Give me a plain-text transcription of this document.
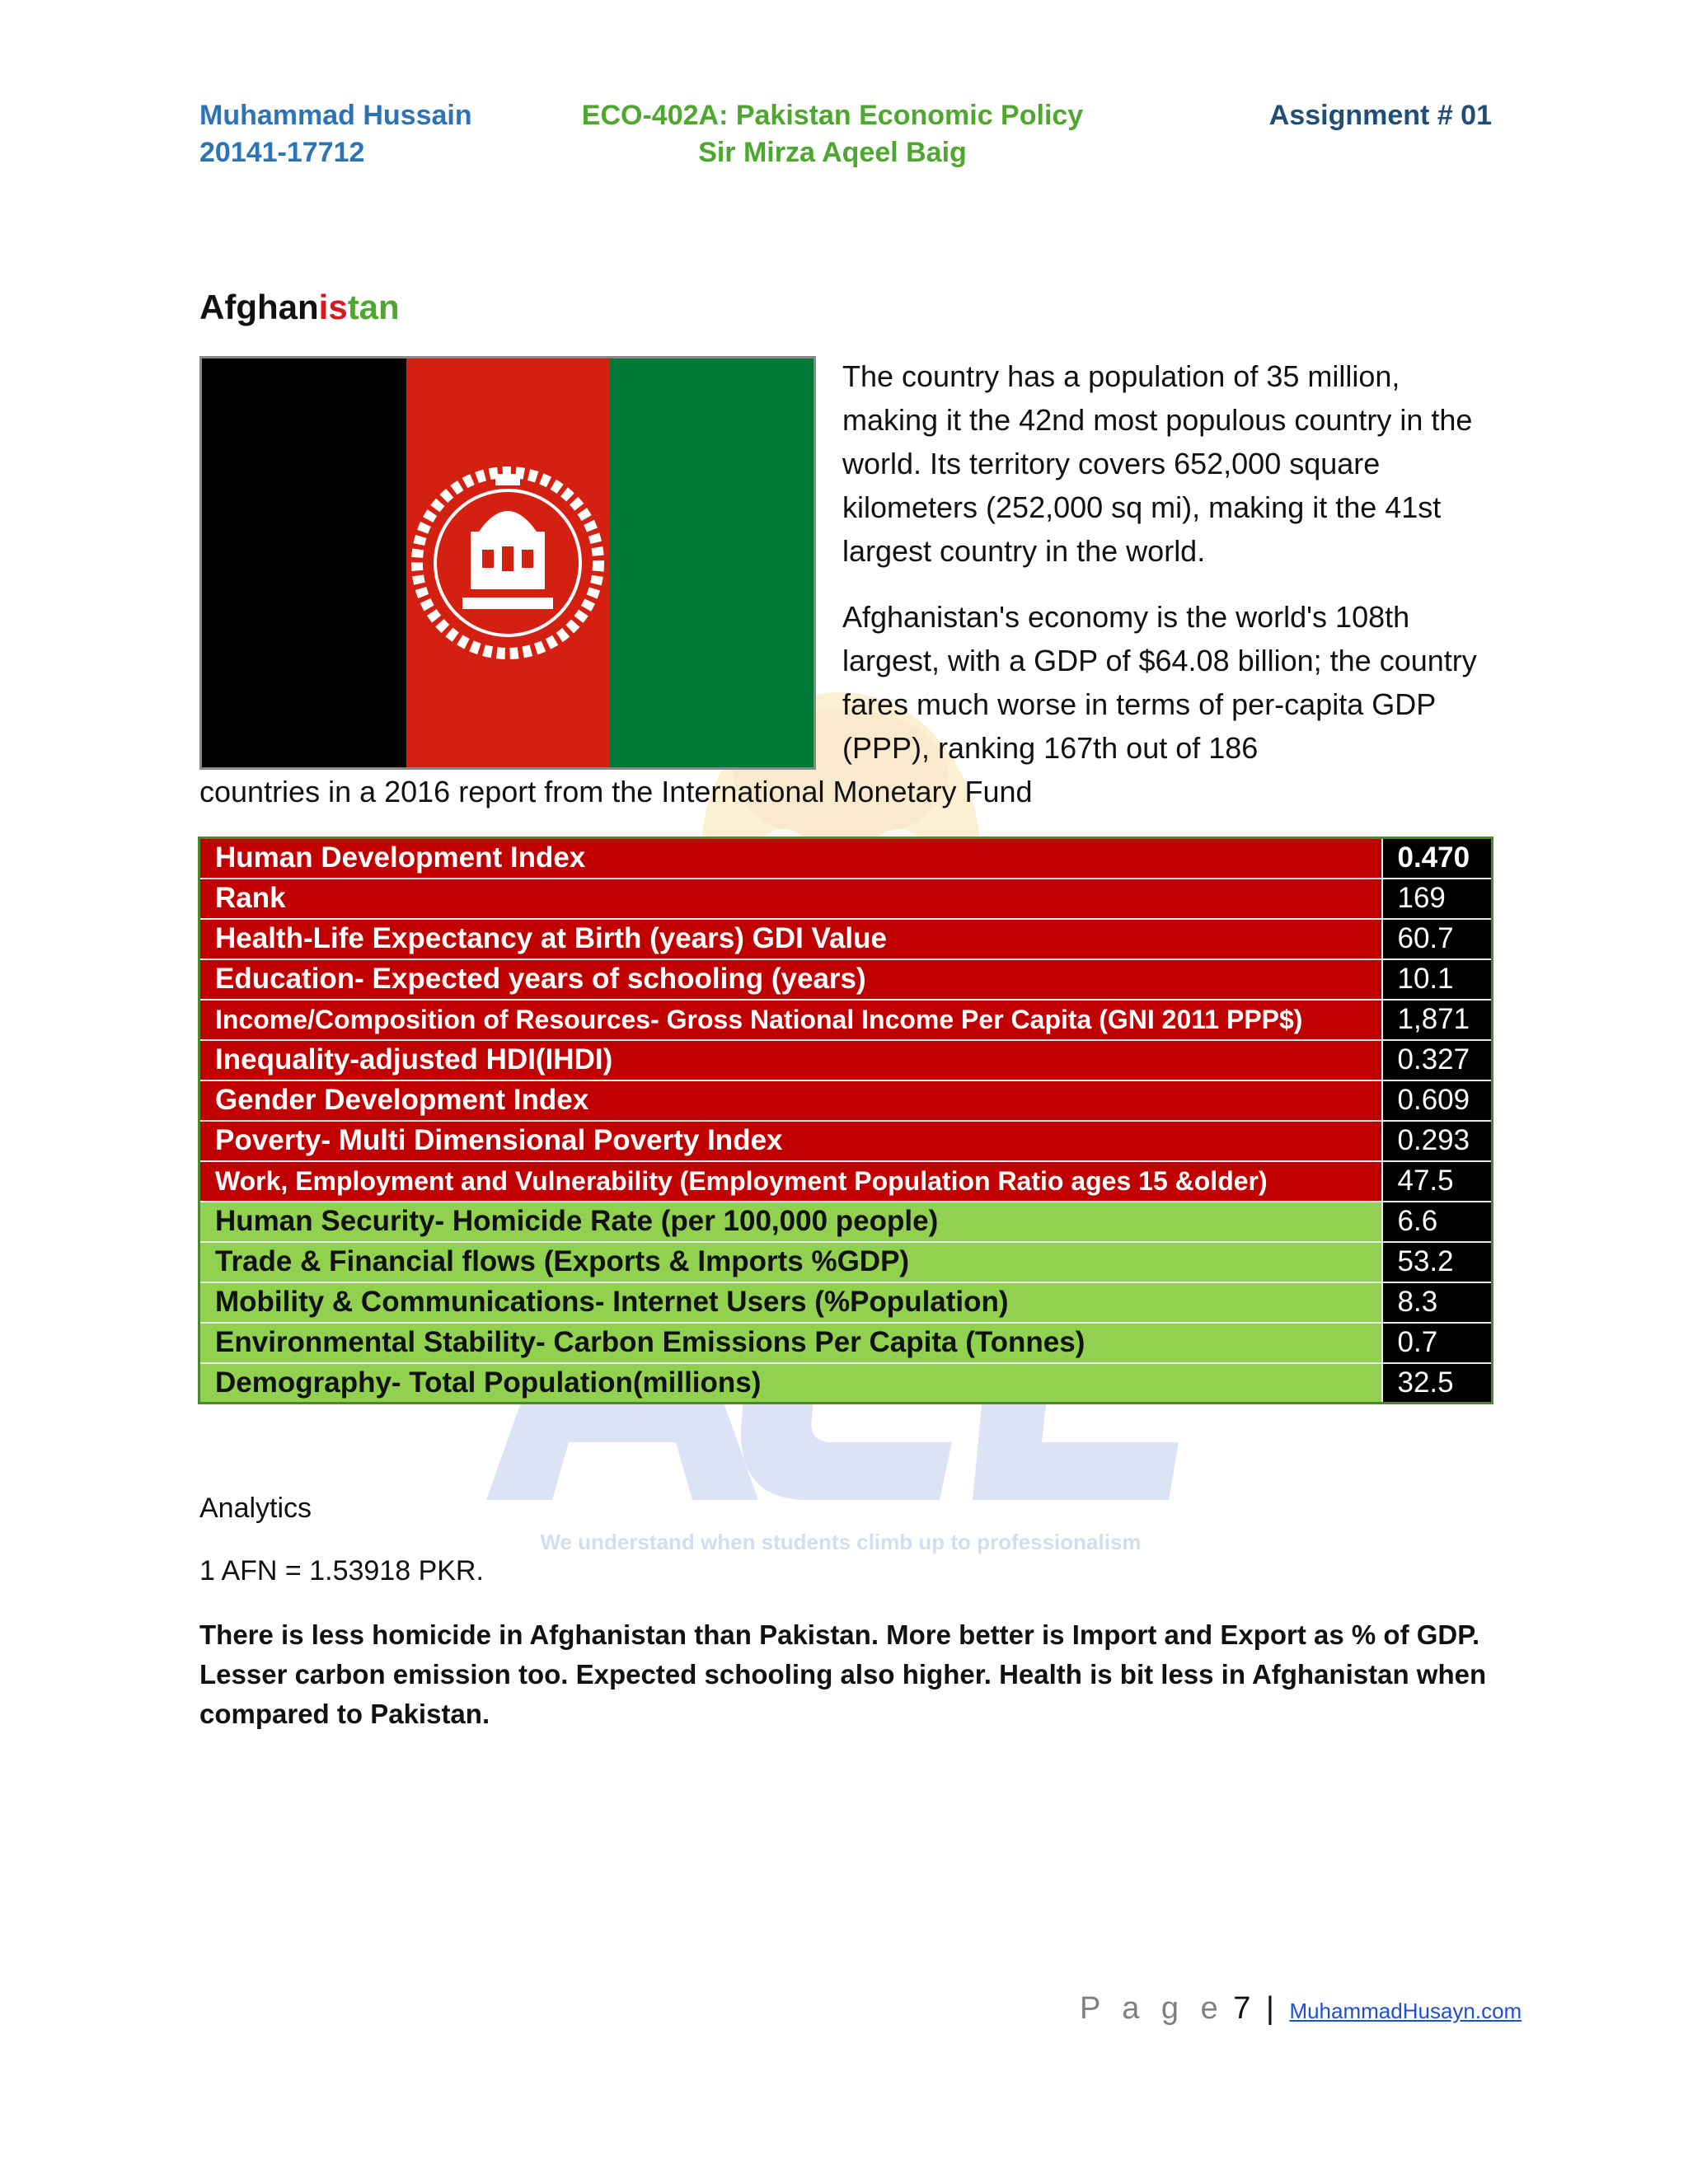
Muhammad Hussain
20141-17712
ECO-402A: Pakistan Economic Policy
Sir Mirza Aqeel Baig
Assignment # 01
We understand when students climb up to professionalism
Afghanistan
The country has a population of 35 million, making it the 42nd most populous country in the world. Its territory covers 652,000 square kilometers (252,000 sq mi), making it the 41st largest country in the world.
Afghanistan's economy is the world's 108th largest, with a GDP of $64.08 billion; the country fares much worse in terms of per-capita GDP (PPP), ranking 167th out of 186
countries in a 2016 report from the International Monetary Fund
Human Development Index	0.470
Rank	169
Health-Life Expectancy at Birth (years) GDI Value	60.7
Education- Expected years of schooling (years)	10.1
Income/Composition of Resources- Gross National Income Per Capita (GNI 2011 PPP$)	1,871
Inequality-adjusted HDI(IHDI)	0.327
Gender Development Index	0.609
Poverty- Multi Dimensional Poverty Index	0.293
Work, Employment and Vulnerability (Employment Population Ratio ages 15 &older)	47.5
Human Security- Homicide Rate (per 100,000 people)	6.6
Trade & Financial flows (Exports & Imports %GDP)	53.2
Mobility & Communications- Internet Users (%Population)	8.3
Environmental Stability- Carbon Emissions Per Capita (Tonnes)	0.7
Demography- Total Population(millions)	32.5
Analytics
1 AFN = 1.53918 PKR.
There is less homicide in Afghanistan than Pakistan. More better is Import and Export as % of GDP. Lesser carbon emission too. Expected schooling also higher. Health is bit less in Afghanistan when compared to Pakistan.
P a g e 7 | MuhammadHusayn.com
